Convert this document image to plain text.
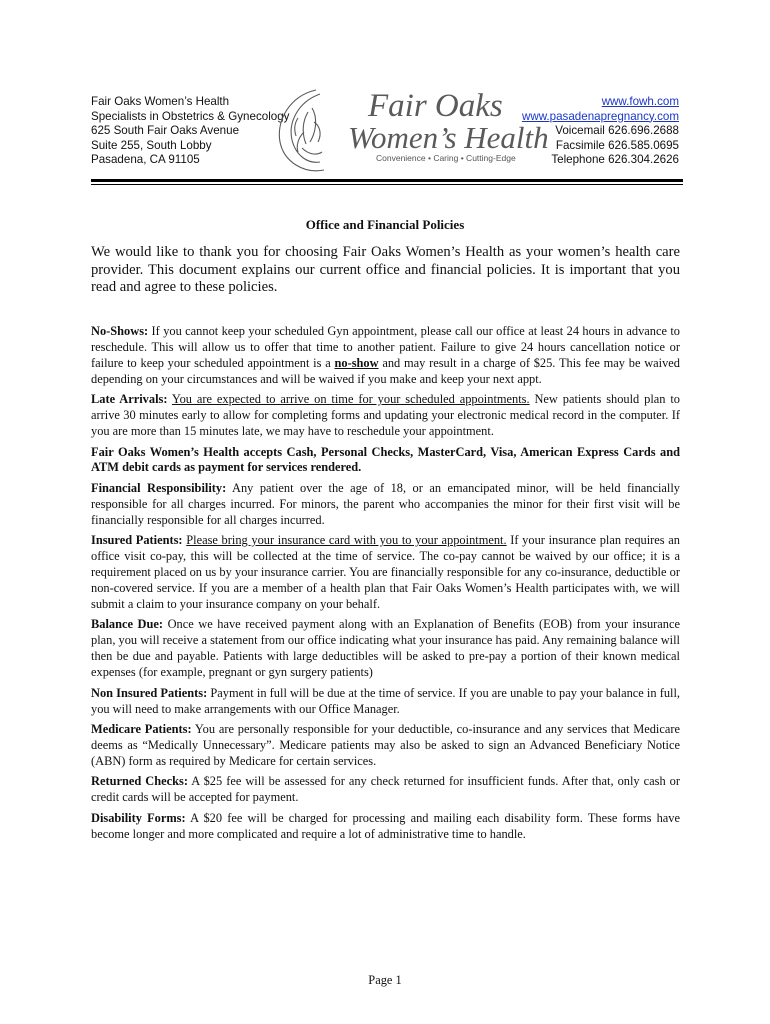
Fair Oaks Women’s Health
Specialists in Obstetrics & Gynecology
625 South Fair Oaks Avenue
Suite 255, South Lobby
Pasadena, CA 91105
Fair Oaks
Women’s Health
Convenience • Caring • Cutting-Edge
www.fowh.com
www.pasadenapregnancy.com
Voicemail 626.696.2688
Facsimile 626.585.0695
Telephone 626.304.2626
Office and Financial Policies
We would like to thank you for choosing Fair Oaks Women’s Health as your women’s health care provider. This document explains our current office and financial policies. It is important that you read and agree to these policies.

No-Shows: If you cannot keep your scheduled Gyn appointment, please call our office at least 24 hours in advance to reschedule. This will allow us to offer that time to another patient. Failure to give 24 hours cancellation notice or failure to keep your scheduled appointment is a no-show and may result in a charge of $25. This fee may be waived depending on your circumstances and will be waived if you make and keep your next appt.

Late Arrivals: You are expected to arrive on time for your scheduled appointments. New patients should plan to arrive 30 minutes early to allow for completing forms and updating your electronic medical record in the computer. If you are more than 15 minutes late, we may have to reschedule your appointment.

Fair Oaks Women’s Health accepts Cash, Personal Checks, MasterCard, Visa, American Express Cards and ATM debit cards as payment for services rendered.

Financial Responsibility: Any patient over the age of 18, or an emancipated minor, will be held financially responsible for all charges incurred. For minors, the parent who accompanies the minor for their first visit will be financially responsible for all charges incurred.

Insured Patients: Please bring your insurance card with you to your appointment. If your insurance plan requires an office visit co-pay, this will be collected at the time of service. The co-pay cannot be waived by our office; it is a requirement placed on us by your insurance carrier. You are financially responsible for any co-insurance, deductible or non-covered service. If you are a member of a health plan that Fair Oaks Women’s Health participates with, we will submit a claim to your insurance company on your behalf.

Balance Due: Once we have received payment along with an Explanation of Benefits (EOB) from your insurance plan, you will receive a statement from our office indicating what your insurance has paid. Any remaining balance will then be due and payable. Patients with large deductibles will be asked to pre-pay a portion of their known medical expenses (for example, pregnant or gyn surgery patients)

Non Insured Patients: Payment in full will be due at the time of service. If you are unable to pay your balance in full, you will need to make arrangements with our Office Manager.

Medicare Patients: You are personally responsible for your deductible, co-insurance and any services that Medicare deems as “Medically Unnecessary”. Medicare patients may also be asked to sign an Advanced Beneficiary Notice (ABN) form as required by Medicare for certain services.

Returned Checks: A $25 fee will be assessed for any check returned for insufficient funds. After that, only cash or credit cards will be accepted for payment.

Disability Forms: A $20 fee will be charged for processing and mailing each disability form. These forms have become longer and more complicated and require a lot of administrative time to handle.

Page 1
